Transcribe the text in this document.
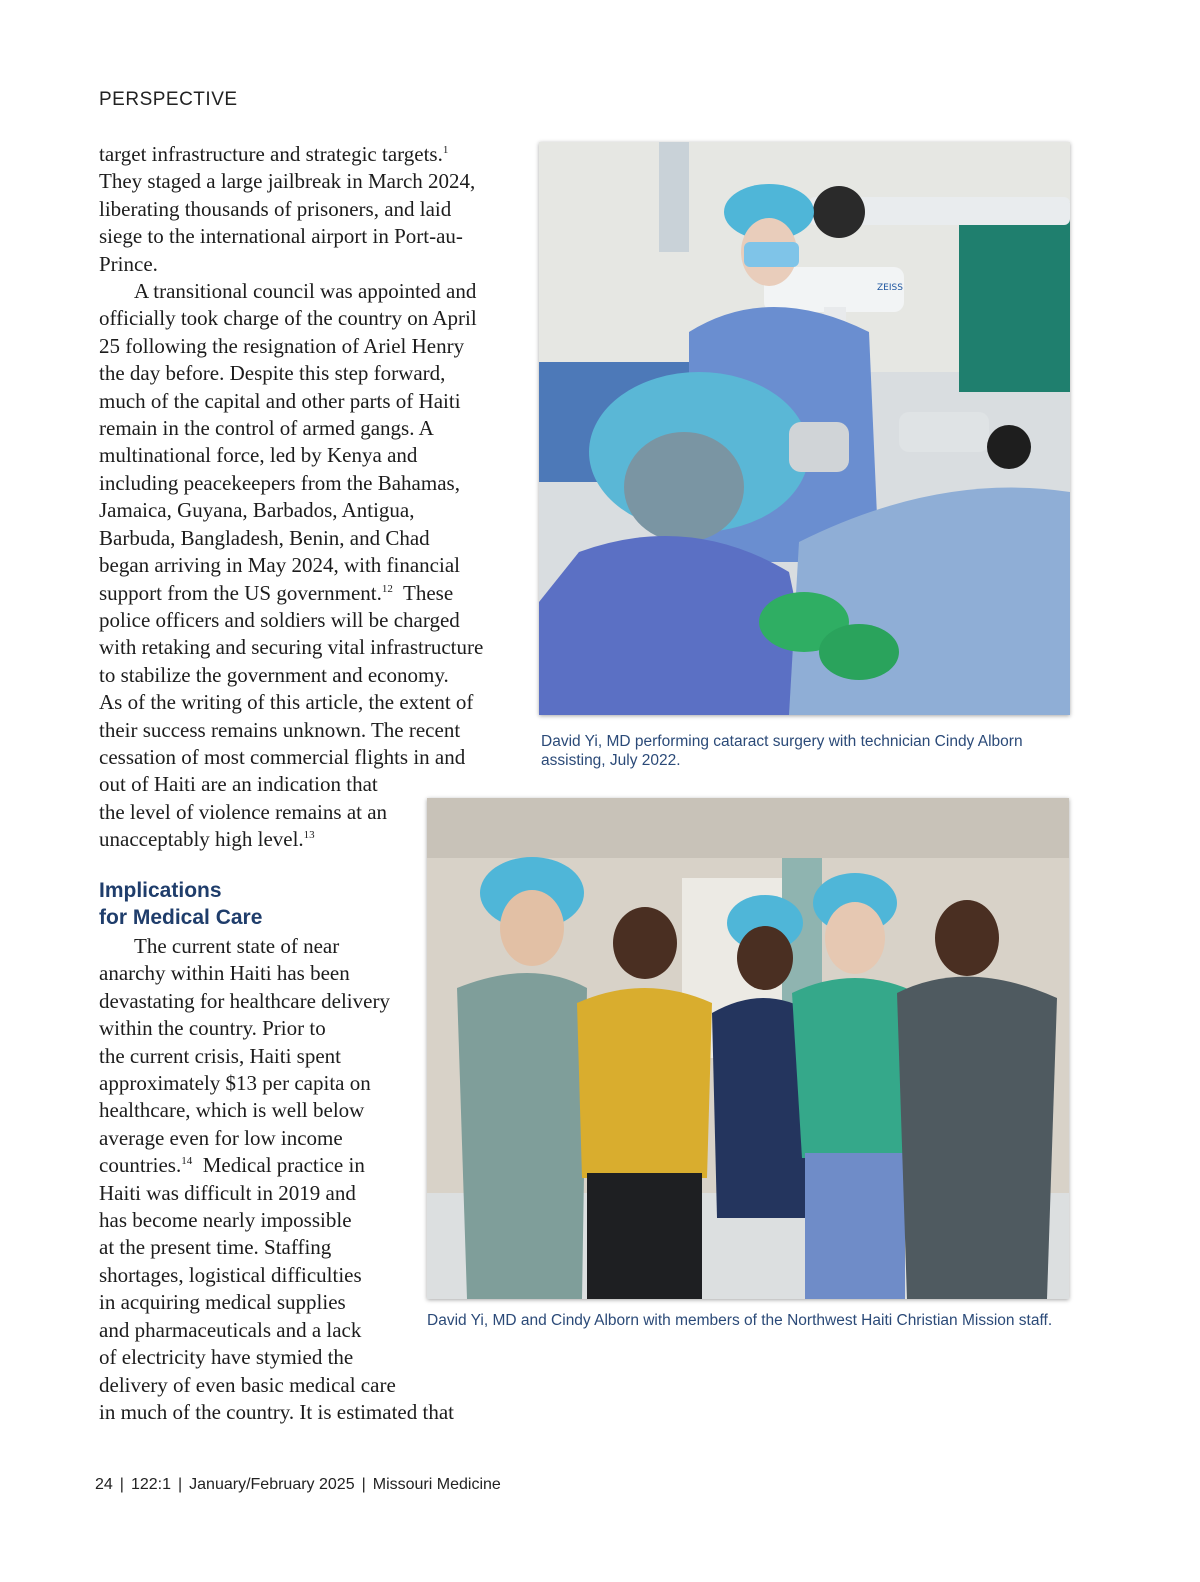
PERSPECTIVE

target infrastructure and strategic targets.$^1$
They staged a large jailbreak in March 2024,
liberating thousands of prisoners, and laid
siege to the international airport in Port-au-
Prince.

A transitional council was appointed and
officially took charge of the country on April
25 following the resignation of Ariel Henry
the day before. Despite this step forward,
much of the capital and other parts of Haiti
remain in the control of armed gangs. A
multinational force, led by Kenya and
including peacekeepers from the Bahamas,
Jamaica, Guyana, Barbados, Antigua,
Barbuda, Bangladesh, Benin, and Chad
began arriving in May 2024, with financial
support from the US government.$^{12}$  These
police officers and soldiers will be charged
with retaking and securing vital infrastructure
to stabilize the government and economy.
As of the writing of this article, the extent of
their success remains unknown. The recent
cessation of most commercial flights in and
out of Haiti are an indication that
the level of violence remains at an
unacceptably high level.$^{13}$

Implications
for Medical Care

The current state of near
anarchy within Haiti has been
devastating for healthcare delivery
within the country. Prior to
the current crisis, Haiti spent
approximately $13 per capita on
healthcare, which is well below
average even for low income
countries.$^{14}$  Medical practice in
Haiti was difficult in 2019 and
has become nearly impossible
at the present time. Staffing
shortages, logistical difficulties
in acquiring medical supplies
and pharmaceuticals and a lack
of electricity have stymied the
delivery of even basic medical care
in much of the country. It is estimated that

ZEISS
David Yi, MD performing cataract surgery with technician Cindy Alborn assisting, July 2022.
David Yi, MD and Cindy Alborn with members of the Northwest Haiti Christian Mission staff.
24 | 122:1 | January/February 2025 | Missouri Medicine
